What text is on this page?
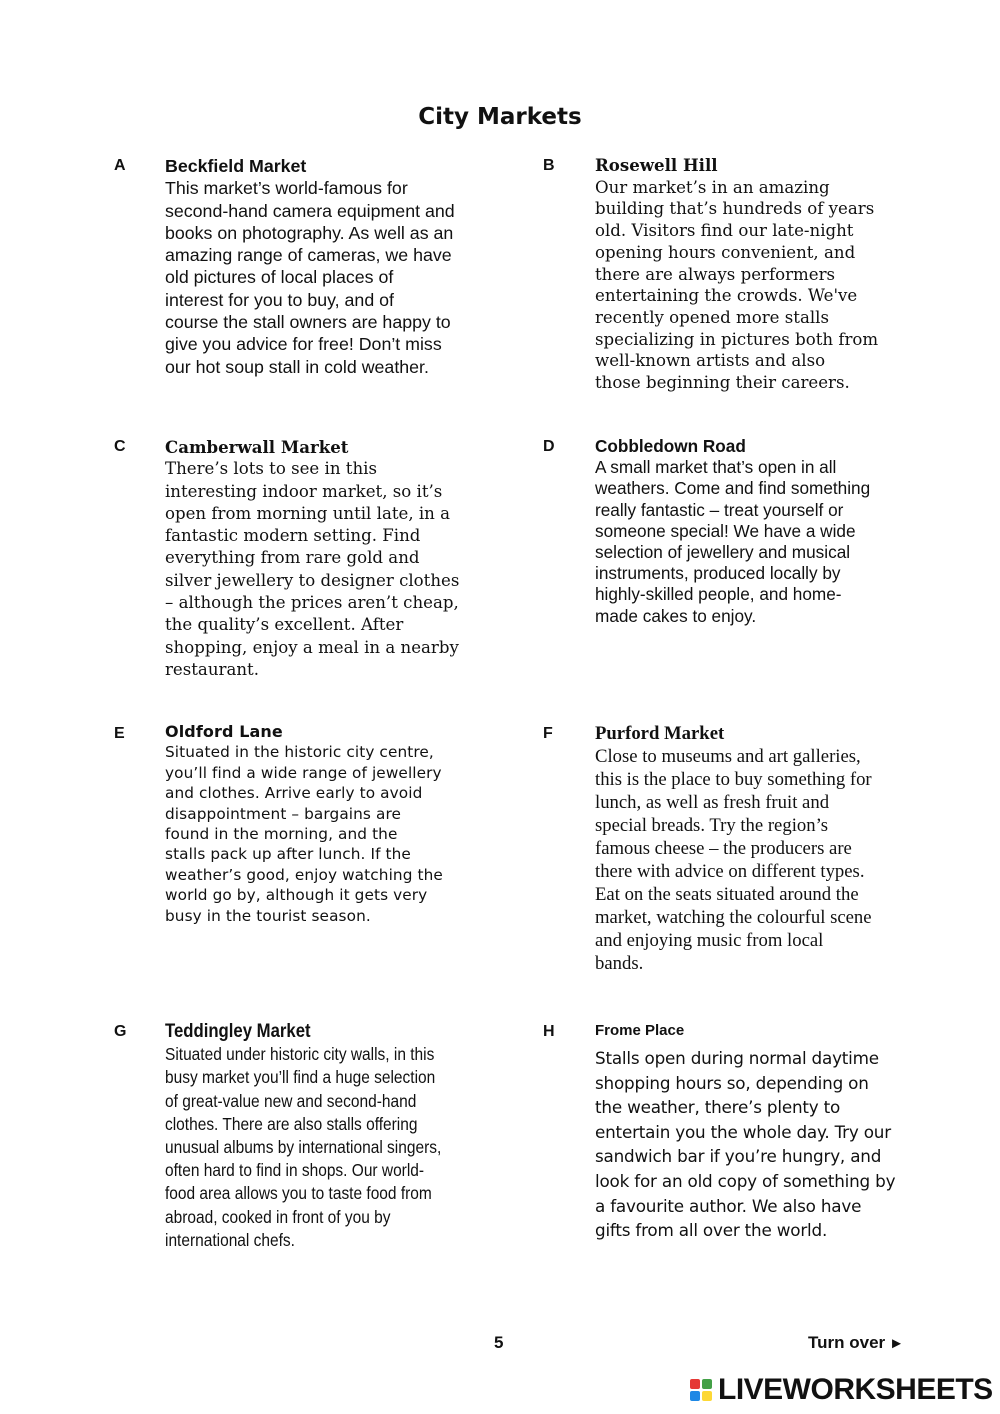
City Markets
A Beckfield Market

This market’s world-famous for
second-hand camera equipment and
books on photography. As well as an
amazing range of cameras, we have
old pictures of local places of
interest for you to buy, and of
course the stall owners are happy to
give you advice for free! Don’t miss
our hot soup stall in cold weather.
B Rosewell Hill

Our market’s in an amazing
building that’s hundreds of years
old. Visitors find our late-night
opening hours convenient, and
there are always performers
entertaining the crowds. We've
recently opened more stalls
specializing in pictures both from
well-known artists and also
those beginning their careers.
C Camberwall Market

There’s lots to see in this
interesting indoor market, so it’s
open from morning until late, in a
fantastic modern setting. Find
everything from rare gold and
silver jewellery to designer clothes
– although the prices aren’t cheap,
the quality’s excellent. After
shopping, enjoy a meal in a nearby
restaurant.
D Cobbledown Road

A small market that’s open in all
weathers. Come and find something
really fantastic – treat yourself or
someone special! We have a wide
selection of jewellery and musical
instruments, produced locally by
highly-skilled people, and home-
made cakes to enjoy.
E	Oldford Lane

Situated in the historic city centre,
you’ll find a wide range of jewellery
and clothes. Arrive early to avoid
disappointment – bargains are
found in the morning, and the
stalls pack up after lunch. If the
weather’s good, enjoy watching the
world go by, although it gets very
busy in the tourist season.
F Purford Market

Close to museums and art galleries,
this is the place to buy something for
lunch, as well as fresh fruit and
special breads. Try the region’s
famous cheese – the producers are
there with advice on different types.
Eat on the seats situated around the
market, watching the colourful scene
and enjoying music from local
bands.
G Teddingley Market

Situated under historic city walls, in this
busy market you’ll find a huge selection
of great-value new and second-hand
clothes. There are also stalls offering
unusual albums by international singers,
often hard to find in shops. Our world-
food area allows you to taste food from
abroad, cooked in front of you by
international chefs.
H	Frome Place

Stalls open during normal daytime
shopping hours so, depending on
the weather, there’s plenty to
entertain you the whole day. Try our
sandwich bar if you’re hungry, and
look for an old copy of something by
a favourite author. We also have
gifts from all over the world.

5	Turn over ►

LIVEWORKSHEETS
